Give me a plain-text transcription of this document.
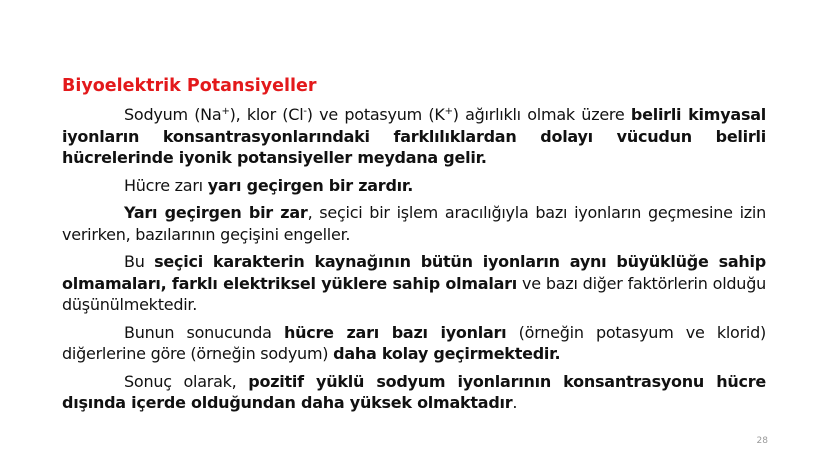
Biyoelektrik Potansiyeller

Sodyum (Na+), klor (Cl-) ve potasyum (K+) ağırlıklı olmak üzere belirli kimyasal iyonların konsantrasyonlarındaki farklılıklardan dolayı vücudun belirli hücrelerinde iyonik potansiyeller meydana gelir.

Hücre zarı yarı geçirgen bir zardır.

Yarı geçirgen bir zar, seçici bir işlem aracılığıyla bazı iyonların geçmesine izin verirken, bazılarının geçişini engeller.

Bu seçici karakterin kaynağının bütün iyonların aynı büyüklüğe sahip olmamaları, farklı elektriksel yüklere sahip olmaları ve bazı diğer faktörlerin olduğu düşünülmektedir.

Bunun sonucunda hücre zarı bazı iyonları (örneğin potasyum ve klorid) diğerlerine göre (örneğin sodyum) daha kolay geçirmektedir.

Sonuç olarak, pozitif yüklü sodyum iyonlarının konsantrasyonu hücre dışında içerde olduğundan daha yüksek olmaktadır.

28
